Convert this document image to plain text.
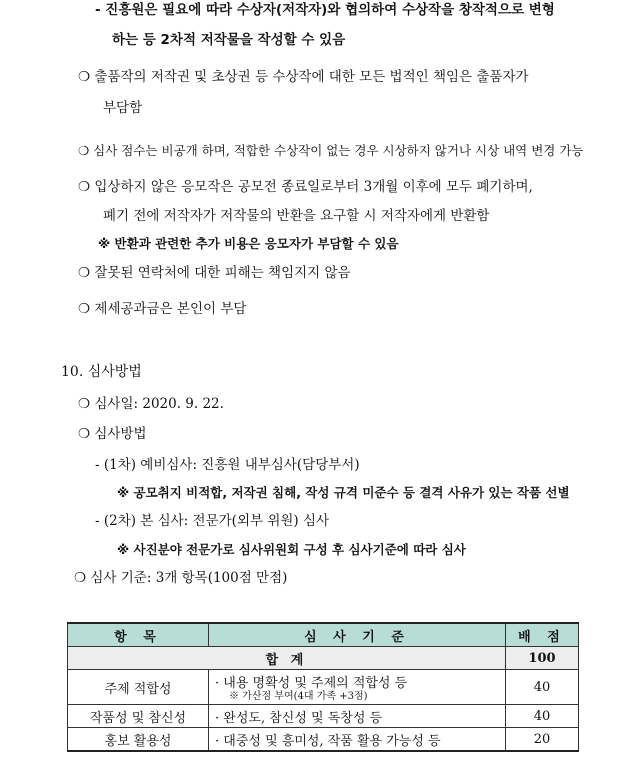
- 진흥원은 필요에 따라 수상자(저작자)와 협의하여 수상작을 창작적으로 변형
하는 등 2차적 저작물을 작성할 수 있음
❍ 출품작의 저작권 및 초상권 등 수상작에 대한 모든 법적인 책임은 출품자가
부담함
❍ 심사 점수는 비공개 하며, 적합한 수상작이 없는 경우 시상하지 않거나 시상 내역 변경 가능
❍ 입상하지 않은 응모작은 공모전 종료일로부터 3개월 이후에 모두 폐기하며,
폐기 전에 저작자가 저작물의 반환을 요구할 시 저작자에게 반환함
※ 반환과 관련한 추가 비용은 응모자가 부담할 수 있음
❍ 잘못된 연락처에 대한 피해는 책임지지 않음
❍ 제세공과금은 본인이 부담
10. 심사방법
❍ 심사일: 2020. 9. 22.
❍ 심사방법
- (1차) 예비심사: 진흥원 내부심사(담당부서)
※ 공모취지 비적합, 저작권 침해, 작성 규격 미준수 등 결격 사유가 있는 작품 선별
- (2차) 본 심사: 전문가(외부 위원) 심사
※ 사진분야 전문가로 심사위원회 구성 후 심사기준에 따라 심사
❍ 심사 기준: 3개 항목(100점 만점)
항 목	심 사 기 준	배 점
합 계		100
주제 적합성	· 내용 명확성 및 주제의 적합성 등
※ 가산점 부여(4대 가족 +3점)	40
작품성 및 참신성	· 완성도, 참신성 및 독창성 등	40
홍보 활용성	· 대중성 및 흥미성, 작품 활용 가능성 등	20
